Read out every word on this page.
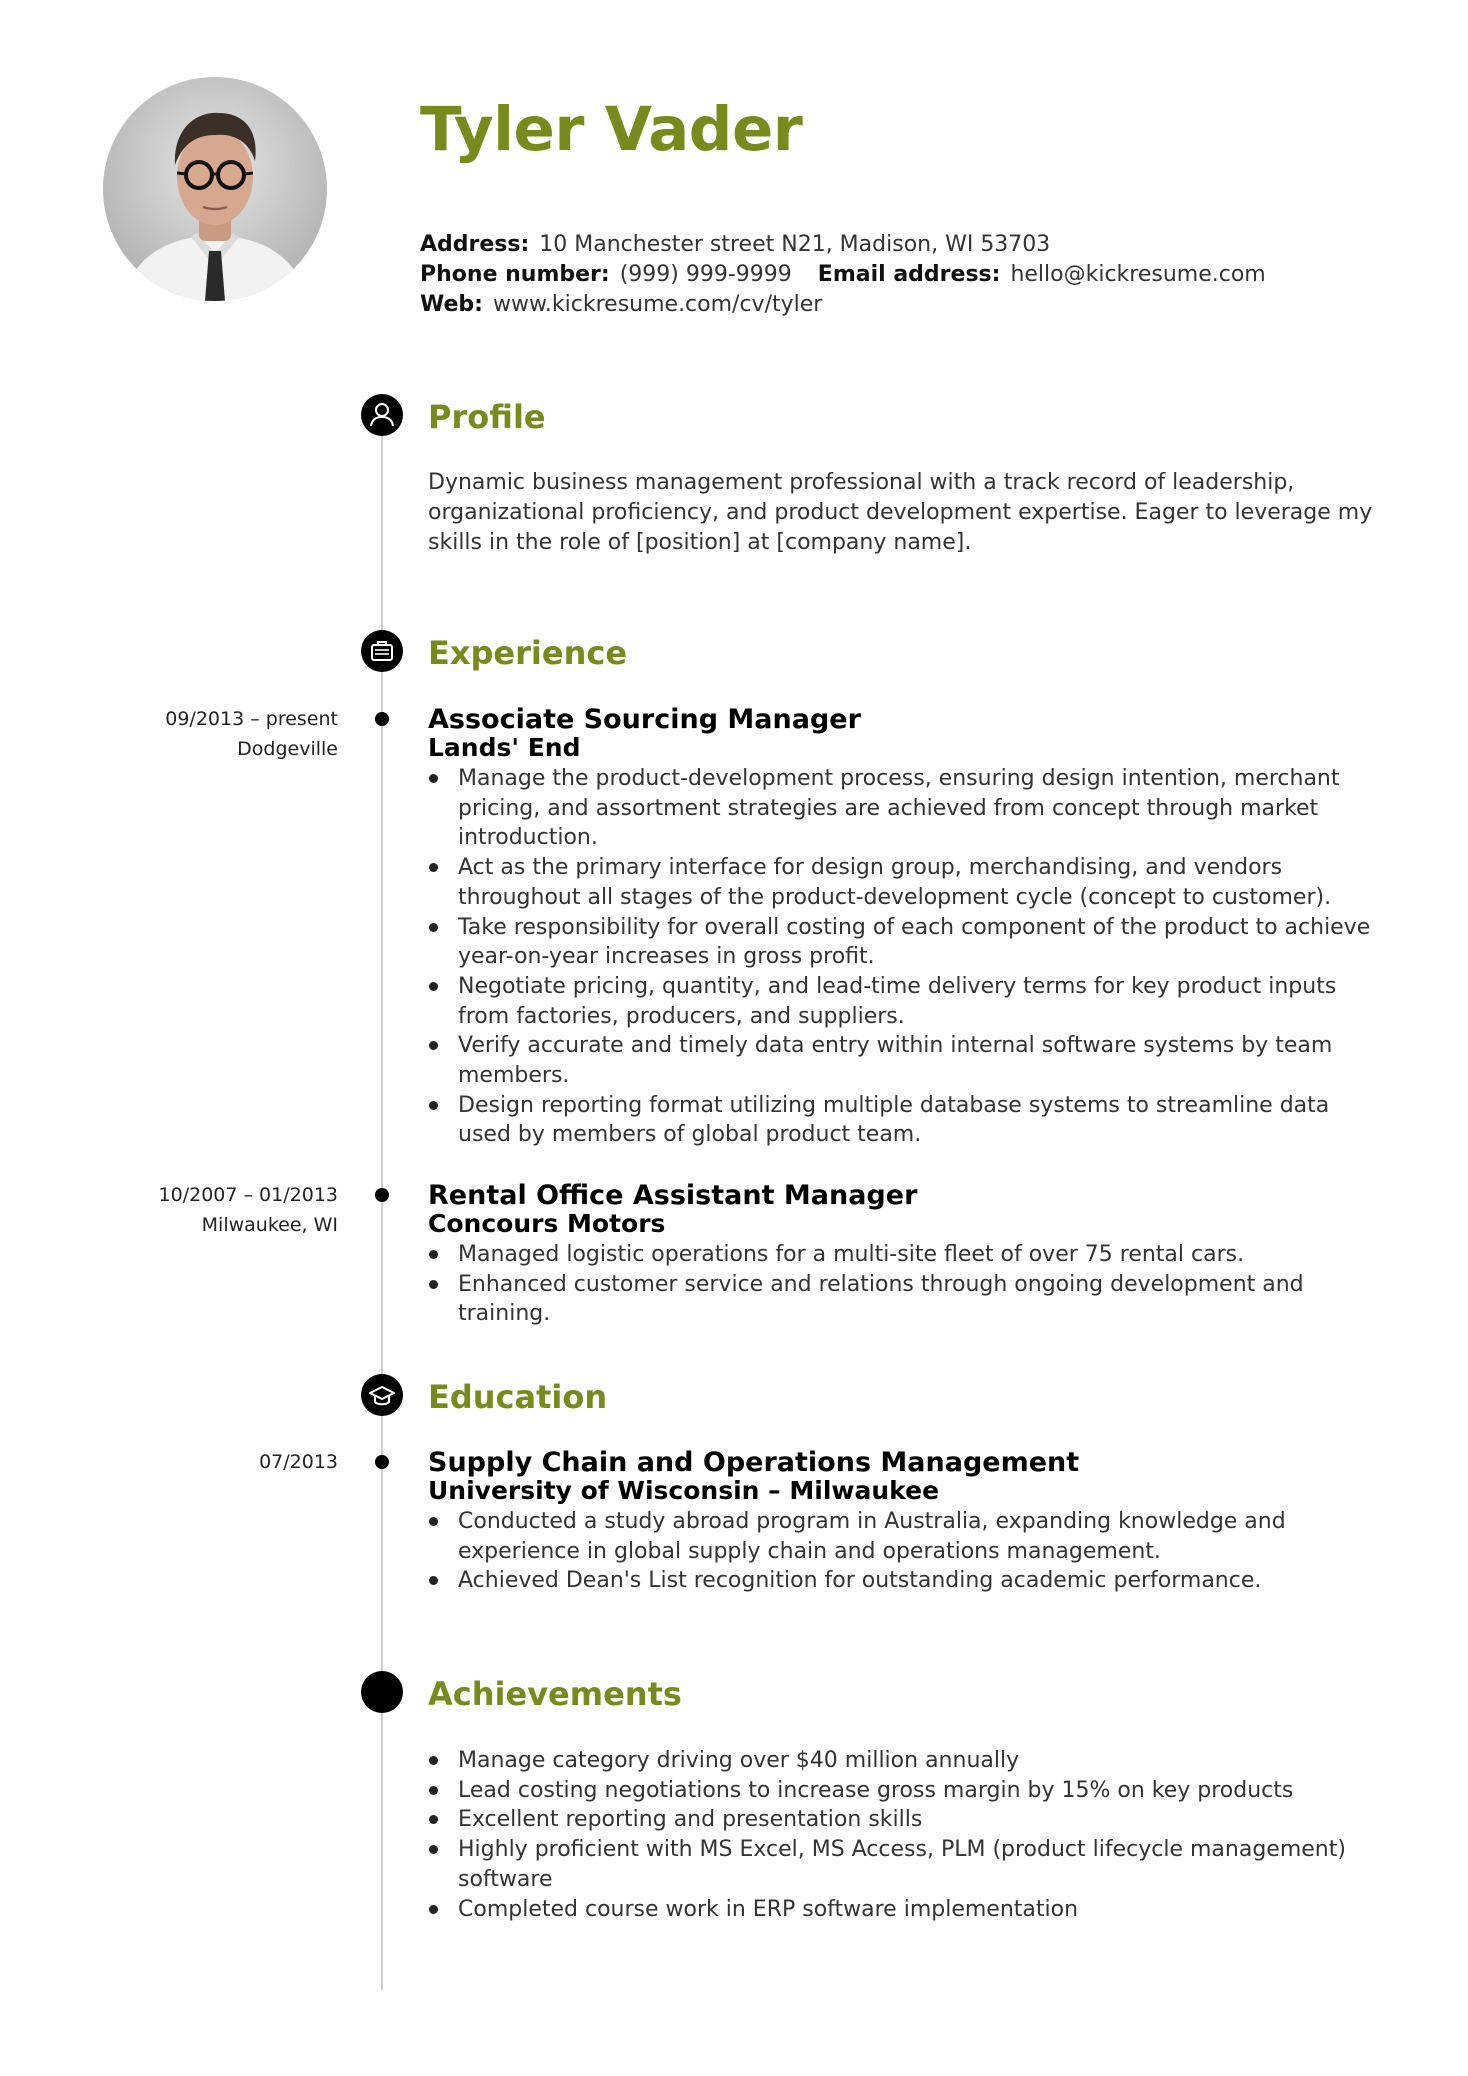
Tyler Vader
Address: 10 Manchester street N21, Madison, WI 53703
Phone number: (999) 999-9999 Email address: hello@kickresume.com
Web: www.kickresume.com/cv/tyler
Profile

Dynamic business management professional with a track record of leadership, organizational proficiency, and product development expertise. Eager to leverage my skills in the role of [position] at [company name].

Experience
09/2013 – present
Dodgeville
Associate Sourcing Manager
Lands' End
Manage the product-development process, ensuring design intention, merchant pricing, and assortment strategies are achieved from concept through market introduction.
Act as the primary interface for design group, merchandising, and vendors throughout all stages of the product-development cycle (concept to customer).
Take responsibility for overall costing of each component of the product to achieve year-on-year increases in gross profit.
Negotiate pricing, quantity, and lead-time delivery terms for key product inputs from factories, producers, and suppliers.
Verify accurate and timely data entry within internal software systems by team members.
Design reporting format utilizing multiple database systems to streamline data used by members of global product team.
10/2007 – 01/2013
Milwaukee, WI
Rental Office Assistant Manager
Concours Motors
Managed logistic operations for a multi-site fleet of over 75 rental cars.
Enhanced customer service and relations through ongoing development and training.
Education
07/2013	Supply Chain and Operations Management
University of Wisconsin – Milwaukee
Conducted a study abroad program in Australia, expanding knowledge and experience in global supply chain and operations management.
Achieved Dean's List recognition for outstanding academic performance.
Achievements
Manage category driving over $40 million annually
Lead costing negotiations to increase gross margin by 15% on key products
Excellent reporting and presentation skills
Highly proficient with MS Excel, MS Access, PLM (product lifecycle management) software
Completed course work in ERP software implementation
